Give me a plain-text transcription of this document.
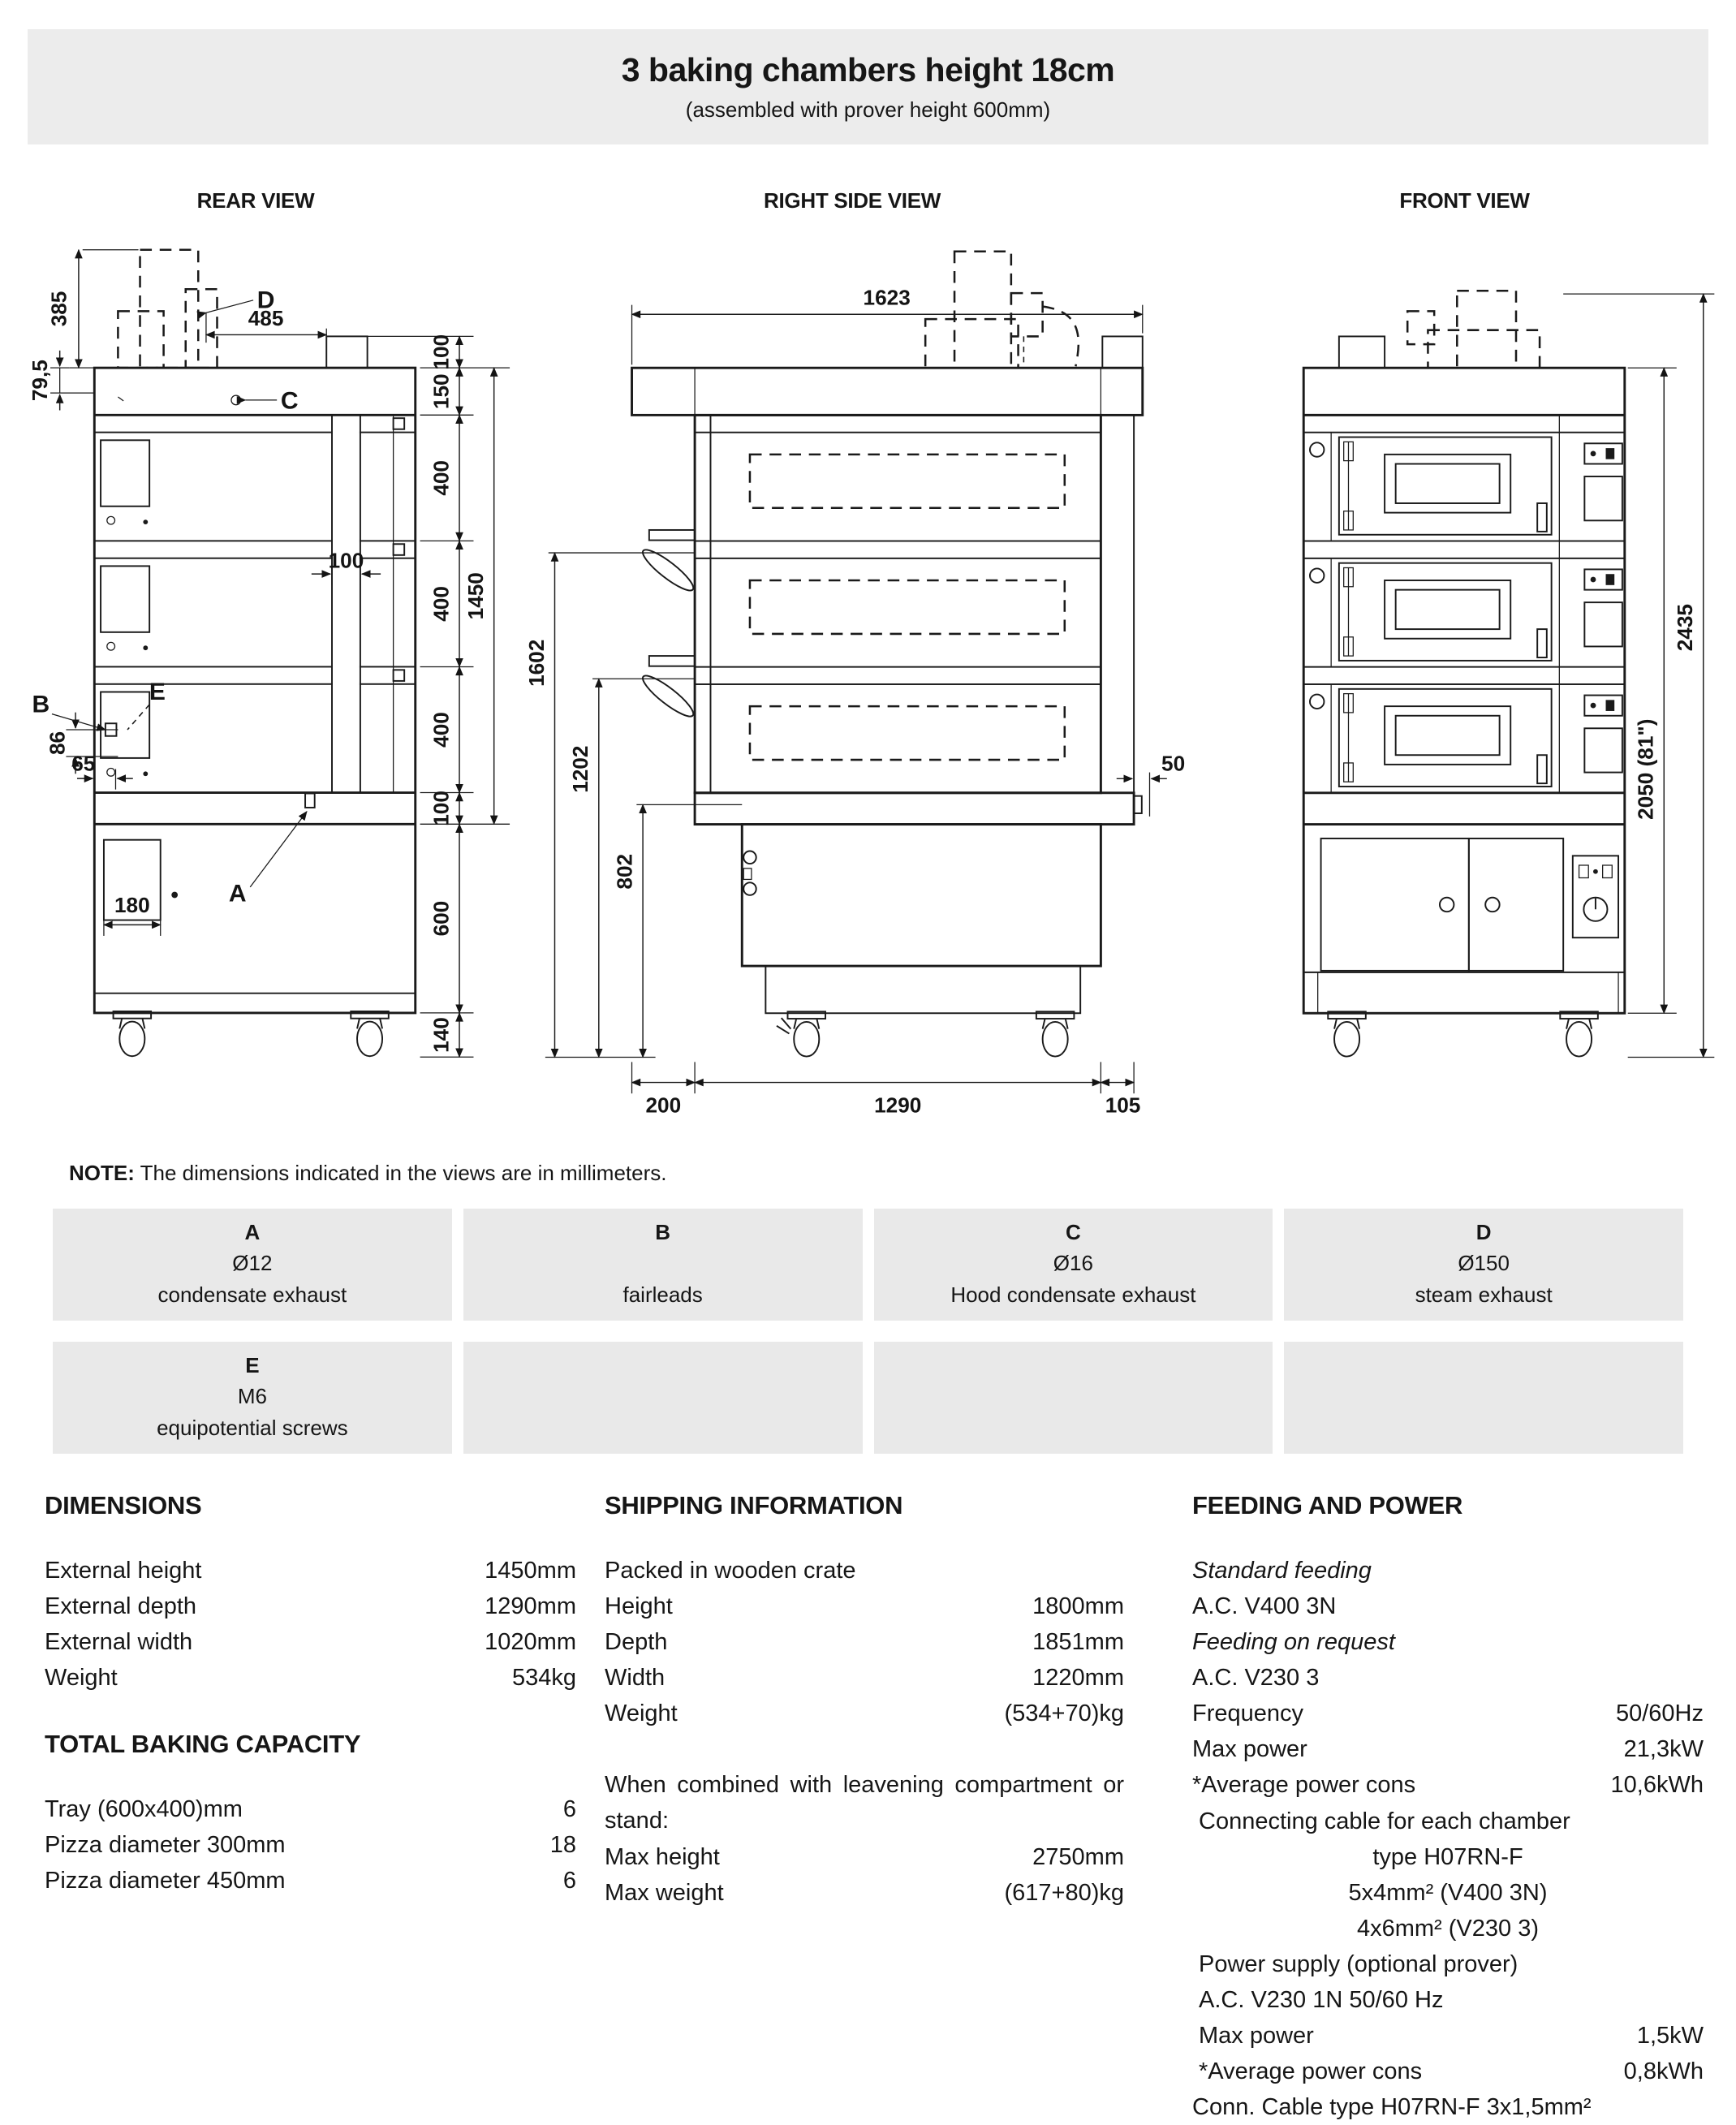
3 baking chambers height 18cm
(assembled with prover height 600mm)
REAR VIEW
385
79,5
485
100
150
400
400
400
100
600
140
1450
100
86
65
180
D
C
B	E
A
RIGHT SIDE VIEW
1623
1602
1202
802
50
200	1290	105
FRONT VIEW
2050 (81")
2435
NOTE: The dimensions indicated in the views are in millimeters.
A
Ø12
condensate exhaust
B
fairleads
C
Ø16
Hood condensate exhaust
D
Ø150
steam exhaust
E
M6
equipotential screws
DIMENSIONS
External height	1450mm
External depth	1290mm
External width	1020mm
Weight	534kg
TOTAL BAKING CAPACITY
Tray (600x400)mm	6
Pizza diameter 300mm	18
Pizza diameter 450mm	6
SHIPPING INFORMATION
Packed in wooden crate
Height	1800mm
Depth	1851mm
Width	1220mm
Weight	(534+70)kg
When combined with leavening compartment or stand:
Max height	2750mm
Max weight	(617+80)kg
FEEDING AND POWER
Standard feeding
A.C. V400 3N
Feeding on request
A.C. V230 3
Frequency	50/60Hz
Max power	21,3kW
*Average power cons	10,6kWh
Connecting cable for each chamber
type H07RN-F
5x4mm² (V400 3N)
4x6mm² (V230 3)
Power supply (optional prover)
A.C. V230 1N 50/60 Hz
Max power	1,5kW
*Average power cons	0,8kWh
Conn. Cable type H07RN-F 3x1,5mm²
